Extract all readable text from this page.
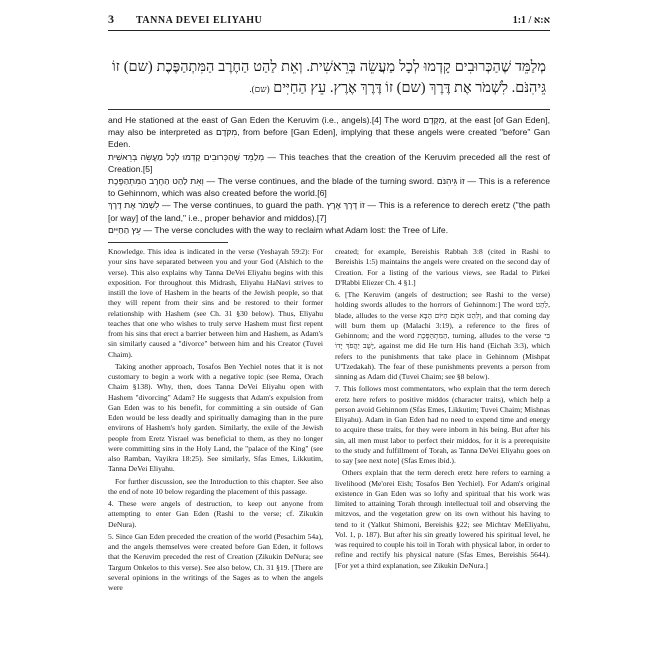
3	TANNA DEVEI ELIYAHU	1:1 / א:א
מְלַמֵּד שֶׁהַכְּרוּבִים קָדְמוּ לְכָל מַעֲשֵׂה בְּרֵאשִׁית. וְאֵת לַהַט הַחֶרֶב הַמִּתְהַפֶּכֶת (שם) זוֹ גֵּיהִנֹּם. לִשְׁמֹר אֶת דֶּרֶךְ (שם) זוֹ דֶּרֶךְ אֶרֶץ. עֵץ הַחַיִּים (שם).

and He stationed at the east of Gan Eden the Keruvim (i.e., angels).[4] The word מִקֶּדֶם, at the east [of Gan Eden], may also be interpreted as מִקֹּדֶם, from before [Gan Eden], implying that these angels were created "before" Gan Eden.

מְלַמֵּד שֶׁהַכְּרוּבִים קָדְמוּ לְכָל מַעֲשֵׂה בְּרֵאשִׁית — This teaches that the creation of the Keruvim preceded all the rest of Creation.[5]

וְאֵת לַהַט הַחֶרֶב הַמִּתְהַפֶּכֶת — The verse continues, and the blade of the turning sword. זוֹ גֵּיהִנֹּם — This is a reference to Gehinnom, which was also created before the world.[6]

לִשְׁמֹר אֶת דֶּרֶךְ — The verse continues, to guard the path. זוֹ דֶּרֶךְ אֶרֶץ — This is a reference to derech eretz ("the path [or way] of the land," i.e., proper behavior and middos).[7]

עֵץ הַחַיִּים — The verse concludes with the way to reclaim what Adam lost: the Tree of Life.

Knowledge. This idea is indicated in the verse (Yeshayah 59:2): For your sins have separated between you and your God (Alshich to the verse). This also explains why Tanna DeVei Eliyahu begins with this exposition. For throughout this Midrash, Eliyahu HaNavi strives to instill the love of Hashem in the hearts of the Jewish people, so that they will repent from their sins and be restored to their former relationship with Hashem (see Ch. 31 §30 below). Thus, Eliyahu teaches that one who wishes to truly serve Hashem must first repent from his sins that erect a barrier between him and Hashem, as Adam's sin similarly caused a "divorce" between him and his Creator (Tuvei Chaim).

Taking another approach, Tosafos Ben Yechiel notes that it is not customary to begin a work with a negative topic (see Rema, Orach Chaim §138). Why, then, does Tanna DeVei Eliyahu open with Hashem "divorcing" Adam? He suggests that Adam's expulsion from Gan Eden was to his benefit, for committing a sin outside of Gan Eden would be less deadly and spiritually damaging than in the pure environs of Hashem's holy garden. Similarly, the exile of the Jewish people from Eretz Yisrael was beneficial to them, as they no longer were committing sins in the Holy Land, the "palace of the King" (see also Ramban, Vayikra 18:25). See similarly, Sfas Emes, Likkutim, Tanna DeVei Eliyahu.

For further discussion, see the Introduction to this chapter. See also the end of note 10 below regarding the placement of this passage.

4. These were angels of destruction, to keep out anyone from attempting to enter Gan Eden (Rashi to the verse; cf. Zikukin DeNura).

5. Since Gan Eden preceded the creation of the world (Pesachim 54a), and the angels themselves were created before Gan Eden, it follows that the Keruvim preceded the rest of Creation (Zikukin DeNura; see Targum Onkelos to this verse). See also below, Ch. 31 §19. [There are several opinions in the writings of the Sages as to when the angels were

created; for example, Bereishis Rabbah 3:8 (cited in Rashi to Bereishis 1:5) maintains the angels were created on the second day of Creation. For a listing of the various views, see Radal to Pirkei D'Rabbi Eliezer Ch. 4 §1.]

6. [The Keruvim (angels of destruction; see Rashi to the verse) holding swords alludes to the horrors of Gehinnom:] The word לַהַט, blade, alludes to the verse וְלִהַט אֹתָם הַיּוֹם הַבָּא, and that coming day will burn them up (Malachi 3:19), a reference to the fires of Gehinnom; and the word הַמִּתְהַפֶּכֶת, turning, alludes to the verse בִּי יָשֻׁב יַהֲפֹךְ יָדוֹ, against me did He turn His hand (Eichah 3:3), which refers to the punishments that take place in Gehinnom (Mishpat U'Tzedakah). The fear of these punishments prevents a person from sinning as Adam did (Tuvei Chaim; see §8 below).

7. This follows most commentators, who explain that the term derech eretz here refers to positive middos (character traits), which help a person avoid Gehinnom (Sfas Emes, Likkutim; Tuvei Chaim; Mishnas Eliyahu). Adam in Gan Eden had no need to expend time and energy to acquire these traits, for they were inborn in his being. But after his sin, all men must labor to perfect their middos, for it is a prerequisite to the study and fulfillment of Torah, as Tanna DeVei Eliyahu goes on to say [see next note] (Sfas Emes ibid.).

Others explain that the term derech eretz here refers to earning a livelihood (Me'orei Eish; Tosafos Ben Yechiel). For Adam's original existence in Gan Eden was so lofty and spiritual that his work was limited to attaining Torah through intellectual toil and observing the mitzvos, and the vegetation grew on its own without his having to tend to it (Yalkut Shimoni, Bereishis §22; see Michtav MeEliyahu, Vol. 1, p. 187). But after his sin greatly lowered his spiritual level, he was required to couple his toil in Torah with physical labor, in order to refine and rectify his physical nature (Sfas Emes, Bereishis 5644). [For yet a third explanation, see Zikukin DeNura.]
